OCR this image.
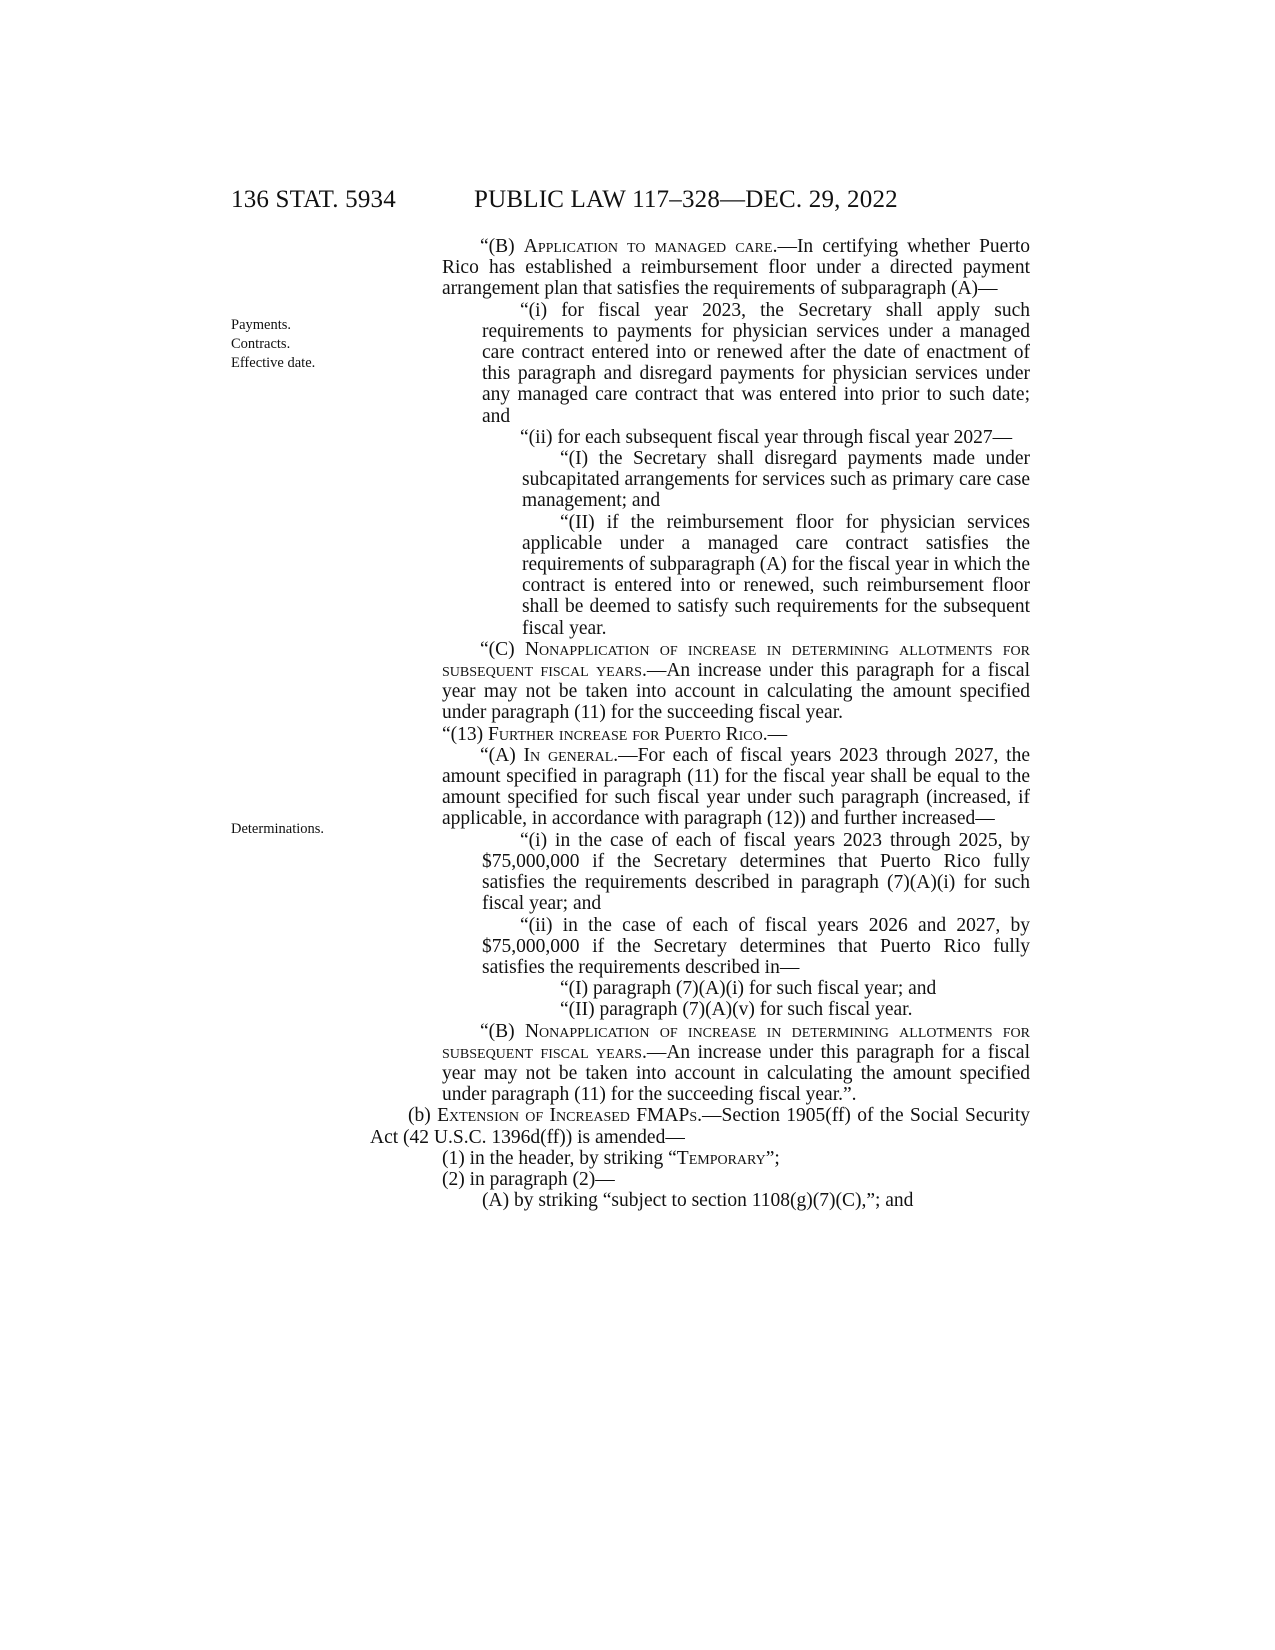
136 STAT. 5934	PUBLIC LAW 117–328—DEC. 29, 2022
Payments.
Contracts.
Effective date.
Determinations.

“(B) Application to managed care.—In certifying whether Puerto Rico has established a reimbursement floor under a directed payment arrangement plan that satisfies the requirements of subparagraph (A)—

“(i) for fiscal year 2023, the Secretary shall apply such requirements to payments for physician services under a managed care contract entered into or renewed after the date of enactment of this paragraph and disregard payments for physician services under any managed care contract that was entered into prior to such date; and

“(ii) for each subsequent fiscal year through fiscal year 2027—

“(I) the Secretary shall disregard payments made under subcapitated arrangements for services such as primary care case management; and

“(II) if the reimbursement floor for physician services applicable under a managed care contract satisfies the requirements of subparagraph (A) for the fiscal year in which the contract is entered into or renewed, such reimbursement floor shall be deemed to satisfy such requirements for the subsequent fiscal year.

“(C) Nonapplication of increase in determining allotments for subsequent fiscal years.—An increase under this paragraph for a fiscal year may not be taken into account in calculating the amount specified under paragraph (11) for the succeeding fiscal year.

“(13) Further increase for Puerto Rico.—

“(A) In general.—For each of fiscal years 2023 through 2027, the amount specified in paragraph (11) for the fiscal year shall be equal to the amount specified for such fiscal year under such paragraph (increased, if applicable, in accordance with paragraph (12)) and further increased—

“(i) in the case of each of fiscal years 2023 through 2025, by $75,000,000 if the Secretary determines that Puerto Rico fully satisfies the requirements described in paragraph (7)(A)(i) for such fiscal year; and

“(ii) in the case of each of fiscal years 2026 and 2027, by $75,000,000 if the Secretary determines that Puerto Rico fully satisfies the requirements described in—

“(I) paragraph (7)(A)(i) for such fiscal year; and

“(II) paragraph (7)(A)(v) for such fiscal year.

“(B) Nonapplication of increase in determining allotments for subsequent fiscal years.—An increase under this paragraph for a fiscal year may not be taken into account in calculating the amount specified under paragraph (11) for the succeeding fiscal year.”.

(b) Extension of Increased FMAPs.—Section 1905(ff) of the Social Security Act (42 U.S.C. 1396d(ff)) is amended—

(1) in the header, by striking “Temporary”;

(2) in paragraph (2)—

(A) by striking “subject to section 1108(g)(7)(C),”; and
